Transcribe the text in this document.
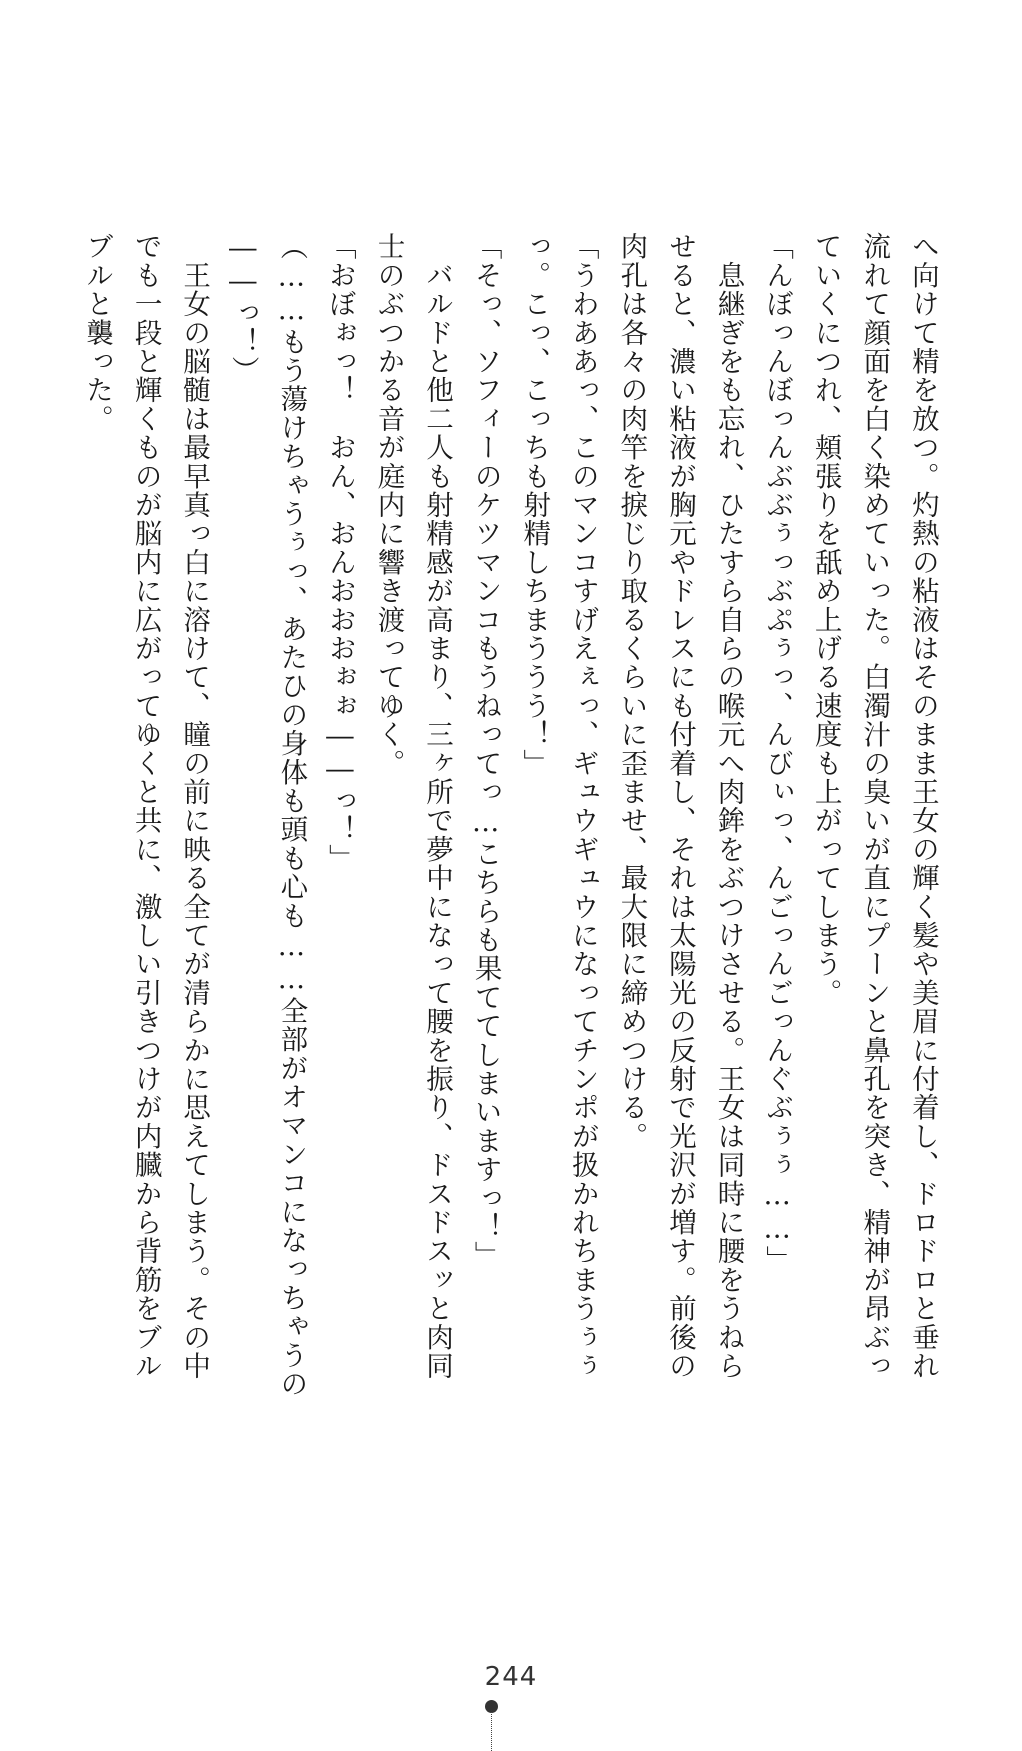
へ向けて精を放つ。灼熱の粘液はそのまま王女の輝く髪や美眉に付着し、ドロドロと垂れ
流れて顔面を白く染めていった。白濁汁の臭いが直にプーンと鼻孔を突き、精神が昂ぶっ
ていくにつれ、頬張りを舐め上げる速度も上がってしまう。
「んぼっんぼっんぶぶぅっぶぷぅっ、んびぃっ、んごっんごっんぐぶぅぅ……」
　息継ぎをも忘れ、ひたすら自らの喉元へ肉鉾をぶつけさせる。王女は同時に腰をうねら
せると、濃い粘液が胸元やドレスにも付着し、それは太陽光の反射で光沢が増す。前後の
肉孔は各々の肉竿を捩じり取るくらいに歪ませ、最大限に締めつける。
「うわああっ、このマンコすげえぇっ、ギュウギュウになってチンポが扱かれちまうぅぅ
っ。こっ、こっちも射精しちまううう！」
「そっ、ソフィーのケツマンコもうねってっ…こちらも果ててしまいますっ！」
　バルドと他二人も射精感が高まり、三ヶ所で夢中になって腰を振り、ドスドスッと肉同
士のぶつかる音が庭内に響き渡ってゆく。
「おぼぉっ！　おん、おんおおおぉぉ――っ！」
（……もう蕩けちゃうぅっ、あたひの身体も頭も心も……全部がオマンコになっちゃうの
――っ！）
　王女の脳髄は最早真っ白に溶けて、瞳の前に映る全てが清らかに思えてしまう。その中
でも一段と輝くものが脳内に広がってゆくと共に、激しい引きつけが内臓から背筋をブル
ブルと襲った。
244
